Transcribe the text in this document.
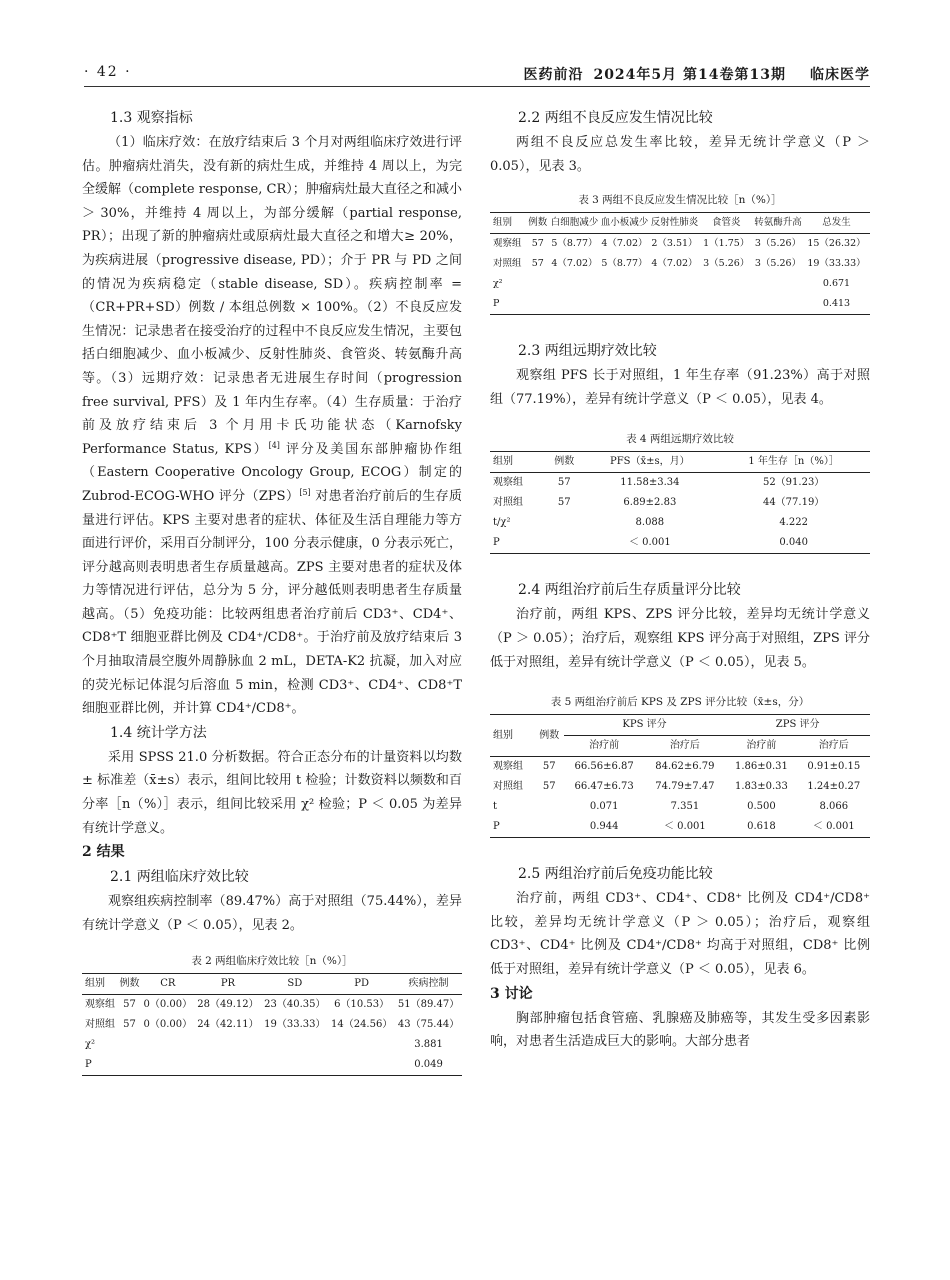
· 42 ·	医药前沿 2024年5月 第14卷第13期 临床医学

1.3 观察指标

（1）临床疗效：在放疗结束后 3 个月对两组临床疗效进行评估。肿瘤病灶消失，没有新的病灶生成，并维持 4 周以上，为完全缓解（complete response, CR）；肿瘤病灶最大直径之和减小＞ 30%，并维持 4 周以上，为部分缓解（partial response, PR）；出现了新的肿瘤病灶或原病灶最大直径之和增大≥ 20%，为疾病进展（progressive disease, PD）；介于 PR 与 PD 之间的情况为疾病稳定（stable disease, SD）。疾病控制率 =（CR+PR+SD）例数 / 本组总例数 × 100%。（2）不良反应发生情况：记录患者在接受治疗的过程中不良反应发生情况，主要包括白细胞减少、血小板减少、反射性肺炎、食管炎、转氨酶升高等。（3）远期疗效：记录患者无进展生存时间（progression free survival, PFS）及 1 年内生存率。（4）生存质量：于治疗前及放疗结束后 3 个月用卡氏功能状态（Karnofsky Performance Status, KPS）[4] 评分及美国东部肿瘤协作组（Eastern Cooperative Oncology Group, ECOG）制定的 Zubrod-ECOG-WHO 评分（ZPS）[5] 对患者治疗前后的生存质量进行评估。KPS 主要对患者的症状、体征及生活自理能力等方面进行评价，采用百分制评分，100 分表示健康，0 分表示死亡，评分越高则表明患者生存质量越高。ZPS 主要对患者的症状及体力等情况进行评估，总分为 5 分，评分越低则表明患者生存质量越高。（5）免疫功能：比较两组患者治疗前后 CD3⁺、CD4⁺、CD8⁺T 细胞亚群比例及 CD4⁺/CD8⁺。于治疗前及放疗结束后 3 个月抽取清晨空腹外周静脉血 2 mL，DETA-K2 抗凝，加入对应的荧光标记体混匀后溶血 5 min，检测 CD3⁺、CD4⁺、CD8⁺T 细胞亚群比例，并计算 CD4⁺/CD8⁺。

1.4 统计学方法

采用 SPSS 21.0 分析数据。符合正态分布的计量资料以均数 ± 标准差（x̄±s）表示，组间比较用 t 检验；计数资料以频数和百分率［n（%）］表示，组间比较采用 χ² 检验；P ＜ 0.05 为差异有统计学意义。

2 结果

2.1 两组临床疗效比较

观察组疾病控制率（89.47%）高于对照组（75.44%），差异有统计学意义（P ＜ 0.05），见表 2。

表 2 两组临床疗效比较［n（%）］

组别	例数	CR	PR	SD	PD	疾病控制
观察组	57	0（0.00）	28（49.12）	23（40.35）	6（10.53）	51（89.47）
对照组	57	0（0.00）	24（42.11）	19（33.33）	14（24.56）	43（75.44）
χ²						3.881
P						0.049

2.2 两组不良反应发生情况比较

两组不良反应总发生率比较，差异无统计学意义（P ＞ 0.05），见表 3。

表 3 两组不良反应发生情况比较［n（%）］

组别	例数	白细胞减少	血小板减少	反射性肺炎	食管炎	转氨酶升高	总发生
观察组	57	5（8.77）	4（7.02）	2（3.51）	1（1.75）	3（5.26）	15（26.32）
对照组	57	4（7.02）	5（8.77）	4（7.02）	3（5.26）	3（5.26）	19（33.33）
χ²							0.671
P							0.413

2.3 两组远期疗效比较

观察组 PFS 长于对照组，1 年生存率（91.23%）高于对照组（77.19%），差异有统计学意义（P ＜ 0.05），见表 4。

表 4 两组远期疗效比较

组别	例数	PFS（x̄±s，月）	1 年生存［n（%）］
观察组	57	11.58±3.34	52（91.23）
对照组	57	6.89±2.83	44（77.19）
t/χ²		8.088	4.222
P		＜ 0.001	0.040

2.4 两组治疗前后生存质量评分比较

治疗前，两组 KPS、ZPS 评分比较，差异均无统计学意义（P ＞ 0.05）；治疗后，观察组 KPS 评分高于对照组，ZPS 评分低于对照组，差异有统计学意义（P ＜ 0.05），见表 5。

表 5 两组治疗前后 KPS 及 ZPS 评分比较（x̄±s，分）

组别	例数	KPS 评分		ZPS 评分	
		治疗前	治疗后	治疗前	治疗后
观察组	57	66.56±6.87	84.62±6.79	1.86±0.31	0.91±0.15
对照组	57	66.47±6.73	74.79±7.47	1.83±0.33	1.24±0.27
t		0.071	7.351	0.500	8.066
P		0.944	＜ 0.001	0.618	＜ 0.001

2.5 两组治疗前后免疫功能比较

治疗前，两组 CD3⁺、CD4⁺、CD8⁺ 比例及 CD4⁺/CD8⁺ 比较，差异均无统计学意义（P ＞ 0.05）；治疗后，观察组 CD3⁺、CD4⁺ 比例及 CD4⁺/CD8⁺ 均高于对照组，CD8⁺ 比例低于对照组，差异有统计学意义（P ＜ 0.05），见表 6。

3 讨论

胸部肿瘤包括食管癌、乳腺癌及肺癌等，其发生受多因素影响，对患者生活造成巨大的影响。大部分患者
